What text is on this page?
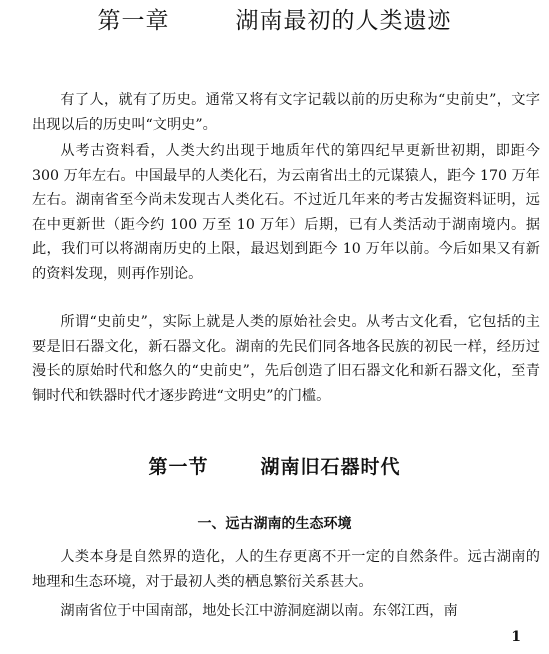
第一章	湖南最初的人类遗迹

有了人，就有了历史。通常又将有文字记载以前的历史称为“史前史”，文字出现以后的历史叫“文明史”。

从考古资料看，人类大约出现于地质年代的第四纪早更新世初期，即距今 300 万年左右。中国最早的人类化石，为云南省出土的元谋猿人，距今 170 万年左右。湖南省至今尚未发现古人类化石。不过近几年来的考古发掘资料证明，远在中更新世（距今约 100 万至 10 万年）后期，已有人类活动于湖南境内。据此，我们可以将湖南历史的上限，最迟划到距今 10 万年以前。今后如果又有新的资料发现，则再作别论。

所谓“史前史”，实际上就是人类的原始社会史。从考古文化看，它包括的主要是旧石器文化，新石器文化。湖南的先民们同各地各民族的初民一样，经历过漫长的原始时代和悠久的“史前史”，先后创造了旧石器文化和新石器文化，至青铜时代和铁器时代才逐步跨进“文明史”的门槛。

第一节	湖南旧石器时代
一、远古湖南的生态环境

人类本身是自然界的造化，人的生存更离不开一定的自然条件。远古湖南的地理和生态环境，对于最初人类的栖息繁衍关系甚大。

湖南省位于中国南部，地处长江中游洞庭湖以南。东邻江西，南

1
